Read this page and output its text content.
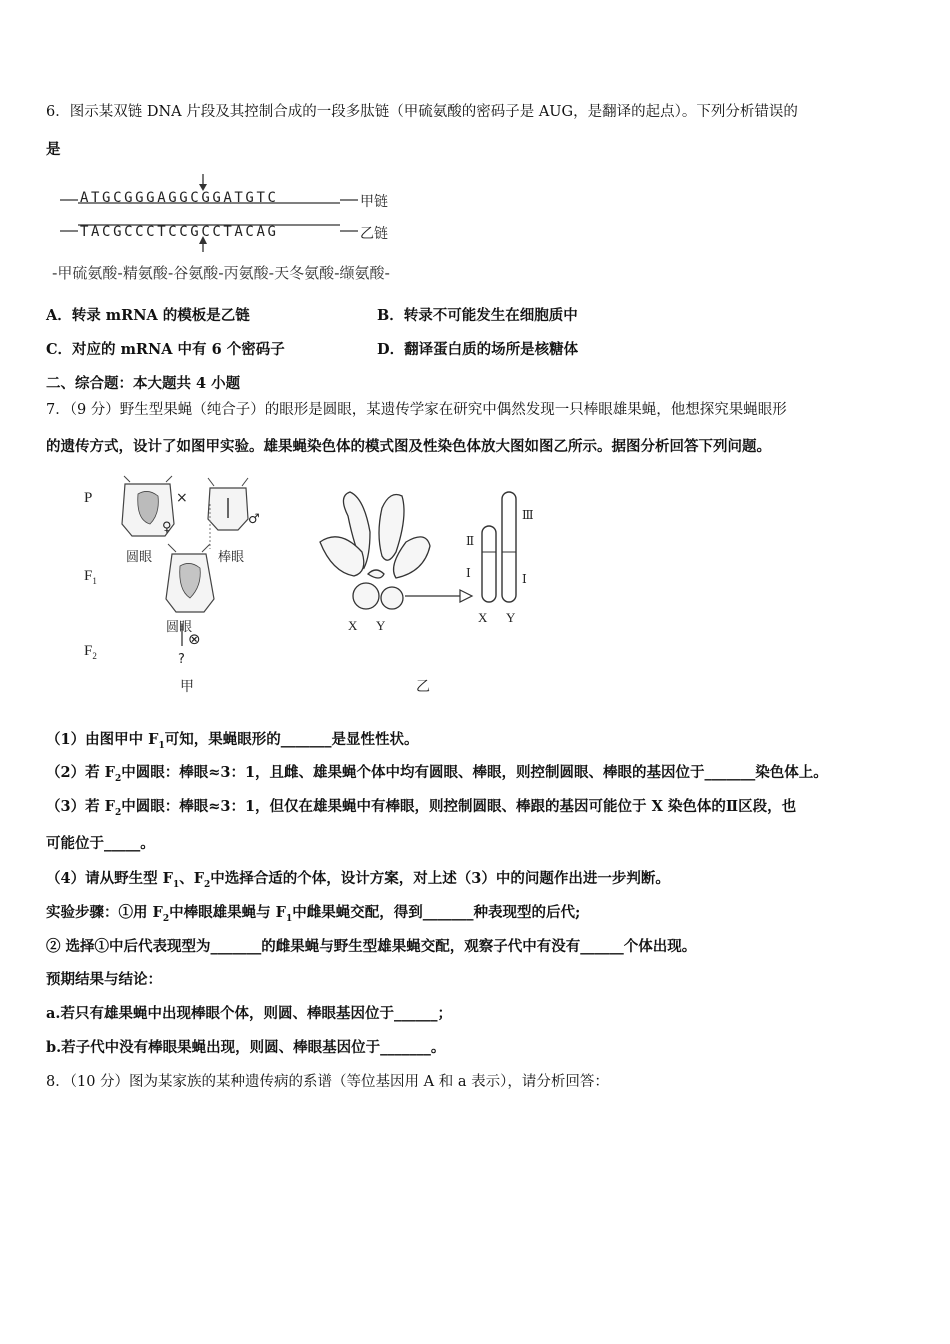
6．图示某双链 DNA 片段及其控制合成的一段多肽链（甲硫氨酸的密码子是 AUG，是翻译的起点）。下列分析错误的
是
ATGCGGGAGGCGGATGTC	甲链
TACGCCCTCCGCCTACAG	乙链
-甲硫氨酸-精氨酸-谷氨酸-丙氨酸-天冬氨酸-缬氨酸-
A．转录 mRNA 的模板是乙链	B．转录不可能发生在细胞质中
C．对应的 mRNA 中有 6 个密码子	D．翻译蛋白质的场所是核糖体
二、综合题：本大题共 4 小题
7．（9 分）野生型果蝇（纯合子）的眼形是圆眼，某遗传学家在研究中偶然发现一只棒眼雄果蝇，他想探究果蝇眼形
的遗传方式，设计了如图甲实验。雄果蝇染色体的模式图及性染色体放大图如图乙所示。据图分析回答下列问题。
P
$F_1$
$F_2$
×
♀
♂
圆眼	棒眼
圆眼
⊗
?
甲
X Y
X Y
Ⅱ
Ⅰ
Ⅲ
Ⅰ
乙
（1）由图甲中 $F_1$可知，果蝇眼形的_______是显性性状。
（2）若 $F_2$中圆眼：棒眼≈3：1，且雌、雄果蝇个体中均有圆眼、棒眼，则控制圆眼、棒眼的基因位于_______染色体上。
（3）若 $F_2$中圆眼：棒眼≈3：1，但仅在雄果蝇中有棒眼，则控制圆眼、棒跟的基因可能位于 X 染色体的Ⅱ区段，也
可能位于_____。
（4）请从野生型 $F_1$、$F_2$中选择合适的个体，设计方案，对上述（3）中的问题作出进一步判断。
实验步骤：①用 $F_2$中棒眼雄果蝇与 $F_1$中雌果蝇交配，得到_______种表现型的后代;
② 选择①中后代表现型为_______的雌果蝇与野生型雄果蝇交配，观察子代中有没有______个体出现。
预期结果与结论：
a.若只有雄果蝇中出现棒眼个体，则圆、棒眼基因位于______；
b.若子代中没有棒眼果蝇出现，则圆、棒眼基因位于_______。
8．（10 分）图为某家族的某种遗传病的系谱（等位基因用 A 和 a 表示），请分析回答：
